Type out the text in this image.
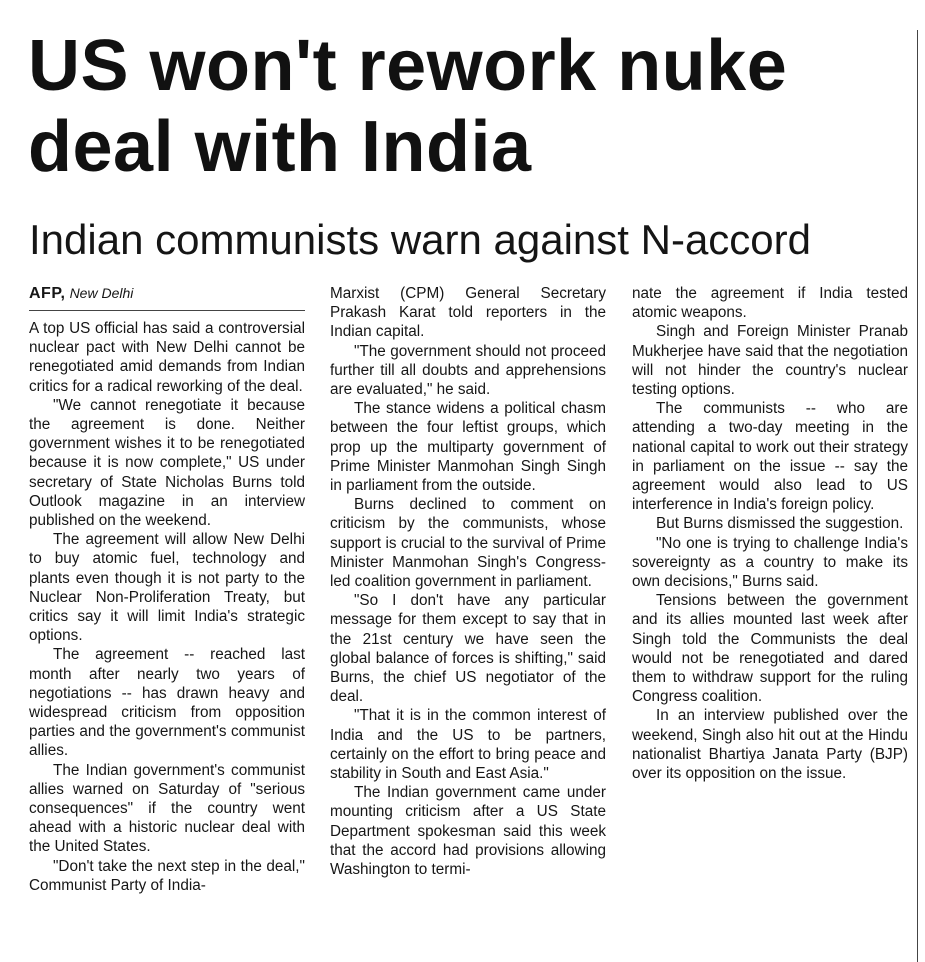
US won't rework nuke deal with India
Indian communists warn against N-accord
AFP, New Delhi

A top US official has said a controversial nuclear pact with New Delhi cannot be renegotiated amid demands from Indian critics for a radical reworking of the deal.

"We cannot renegotiate it because the agreement is done. Neither government wishes it to be renegotiated because it is now complete," US under secretary of State Nicholas Burns told Outlook magazine in an interview published on the weekend.

The agreement will allow New Delhi to buy atomic fuel, technology and plants even though it is not party to the Nuclear Non-Proliferation Treaty, but critics say it will limit India's strategic options.

The agreement -- reached last month after nearly two years of negotiations -- has drawn heavy and widespread criticism from opposition parties and the government's communist allies.

The Indian government's communist allies warned on Saturday of "serious consequences" if the country went ahead with a historic nuclear deal with the United States.

"Don't take the next step in the deal," Communist Party of India-

Marxist (CPM) General Secretary Prakash Karat told reporters in the Indian capital.

"The government should not proceed further till all doubts and apprehensions are evaluated," he said.

The stance widens a political chasm between the four leftist groups, which prop up the multiparty government of Prime Minister Manmohan Singh Singh in parliament from the outside.

Burns declined to comment on criticism by the communists, whose support is crucial to the survival of Prime Minister Manmohan Singh's Congress-led coalition government in parliament.

"So I don't have any particular message for them except to say that in the 21st century we have seen the global balance of forces is shifting," said Burns, the chief US negotiator of the deal.

"That it is in the common interest of India and the US to be partners, certainly on the effort to bring peace and stability in South and East Asia."

The Indian government came under mounting criticism after a US State Department spokesman said this week that the accord had provisions allowing Washington to termi-

nate the agreement if India tested atomic weapons.

Singh and Foreign Minister Pranab Mukherjee have said that the negotiation will not hinder the country's nuclear testing options.

The communists -- who are attending a two-day meeting in the national capital to work out their strategy in parliament on the issue -- say the agreement would also lead to US interference in India's foreign policy.

But Burns dismissed the suggestion.

"No one is trying to challenge India's sovereignty as a country to make its own decisions," Burns said.

Tensions between the government and its allies mounted last week after Singh told the Communists the deal would not be renegotiated and dared them to withdraw support for the ruling Congress coalition.

In an interview published over the weekend, Singh also hit out at the Hindu nationalist Bhartiya Janata Party (BJP) over its opposition on the issue.
